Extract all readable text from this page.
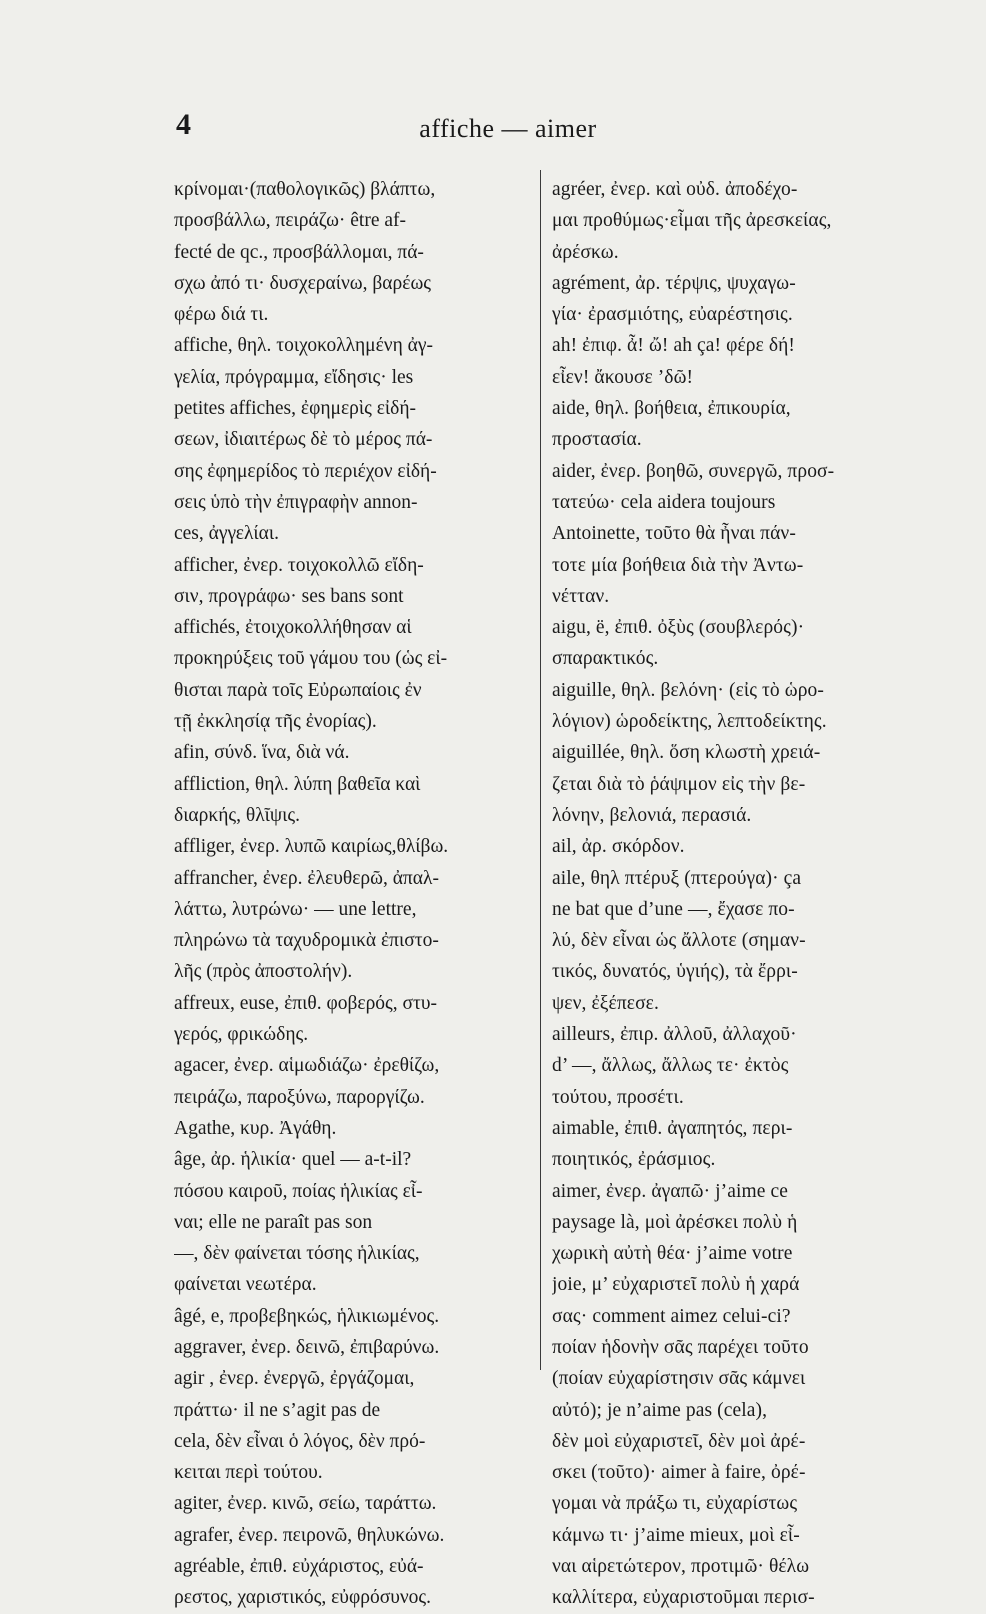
4	affiche — aimer
κρίνομαι·(παθολογικῶς) βλάπτω,
προσβάλλω, πειράζω· être af-
fecté de qc., προσβάλλομαι, πά-
σχω ἀπό τι· δυσχεραίνω, βαρέως
φέρω διά τι.
affiche, θηλ. τοιχοκολλημένη ἀγ-
γελία, πρόγραμμα, εἴδησις· les
petites affiches, ἐφημερὶς εἰδή-
σεων, ἰδιαιτέρως δὲ τὸ μέρος πά-
σης ἐφημερίδος τὸ περιέχον εἰδή-
σεις ὑπὸ τὴν ἐπιγραφὴν annon-
ces, ἀγγελίαι.
afficher, ἐνερ. τοιχοκολλῶ εἴδη-
σιν, προγράφω· ses bans sont
affichés, ἐτοιχοκολλήθησαν αἱ
προκηρύξεις τοῦ γάμου του (ὡς εἰ-
θισται παρὰ τοῖς Εὐρωπαίοις ἐν
τῇ ἐκκλησίᾳ τῆς ἐνορίας).
afin, σύνδ. ἵνα, διὰ νά.
affliction, θηλ. λύπη βαθεῖα καὶ
διαρκής, θλῖψις.
affliger, ἐνερ. λυπῶ καιρίως,θλίβω.
affrancher, ἐνερ. ἐλευθερῶ, ἀπαλ-
λάττω, λυτρώνω· — une lettre,
πληρώνω τὰ ταχυδρομικὰ ἐπιστο-
λῆς (πρὸς ἀποστολήν).
affreux, euse, ἐπιθ. φοβερός, στυ-
γερός, φρικώδης.
agacer, ἐνερ. αἱμωδιάζω· ἐρεθίζω,
πειράζω, παροξύνω, παροργίζω.
Agathe, κυρ. Ἀγάθη.
âge, ἀρ. ἡλικία· quel — a-t-il?
πόσου καιροῦ, ποίας ἡλικίας εἶ-
ναι; elle ne paraît pas son
—, δὲν φαίνεται τόσης ἡλικίας,
φαίνεται νεωτέρα.
âgé, e, προβεβηκώς, ἡλικιωμένος.
aggraver, ἐνερ. δεινῶ, ἐπιβαρύνω.
agir , ἐνερ. ἐνεργῶ, ἐργάζομαι,
πράττω· il ne s’agit pas de
cela, δὲν εἶναι ὁ λόγος, δὲν πρό-
κειται περὶ τούτου.
agiter, ἐνερ. κινῶ, σείω, ταράττω.
agrafer, ἐνερ. πειρονῶ, θηλυκώνω.
agréable, ἐπιθ. εὐχάριστος, εὐά-
ρεστος, χαριστικός, εὐφρόσυνος.
agréer, ἐνερ. καὶ οὐδ. ἀποδέχο-
μαι προθύμως·εἶμαι τῆς ἀρεσκείας,
ἀρέσκω.
agrément, ἀρ. τέρψις, ψυχαγω-
γία· ἐρασμιότης, εὐαρέστησις.
ah! ἐπιφ. ἆ! ὤ! ah ça! φέρε δή!
εἶεν! ἄκουσε ’δῶ!
aide, θηλ. βοήθεια, ἐπικουρία,
προστασία.
aider, ἐνερ. βοηθῶ, συνεργῶ, προσ-
τατεύω· cela aidera toujours
Antoinette, τοῦτο θὰ ἦναι πάν-
τοτε μία βοήθεια διὰ τὴν Ἀντω-
νέτταν.
aigu, ë, ἐπιθ. ὀξὺς (σουβλερός)·
σπαρακτικός.
aiguille, θηλ. βελόνη· (εἰς τὸ ὡρο-
λόγιον) ὡροδείκτης, λεπτοδείκτης.
aiguillée, θηλ. ὅση κλωστὴ χρειά-
ζεται διὰ τὸ ῥάψιμον εἰς τὴν βε-
λόνην, βελονιά, περασιά.
ail, ἀρ. σκόρδον.
aile, θηλ πτέρυξ (πτερούγα)· ça
ne bat que d’une —, ἔχασε πο-
λύ, δὲν εἶναι ὡς ἄλλοτε (σημαν-
τικός, δυνατός, ὑγιής), τὰ ἔρρι-
ψεν, ἐξέπεσε.
ailleurs, ἐπιρ. ἀλλοῦ, ἀλλαχοῦ·
d’ —, ἄλλως, ἄλλως τε· ἐκτὸς
τούτου, προσέτι.
aimable, ἐπιθ. ἀγαπητός, περι-
ποιητικός, ἐράσμιος.
aimer, ἐνερ. ἀγαπῶ· j’aime ce
paysage là, μοὶ ἀρέσκει πολὺ ἡ
χωρικὴ αὐτὴ θέα· j’aime votre
joie, μ’ εὐχαριστεῖ πολὺ ἡ χαρά
σας· comment aimez celui-ci?
ποίαν ἡδονὴν σᾶς παρέχει τοῦτο
(ποίαν εὐχαρίστησιν σᾶς κάμνει
αὐτό); je n’aime pas (cela),
δὲν μοὶ εὐχαριστεῖ, δὲν μοὶ ἀρέ-
σκει (τοῦτο)· aimer à faire, ὀρέ-
γομαι νὰ πράξω τι, εὐχαρίστως
κάμνω τι· j’aime mieux, μοὶ εἶ-
ναι αἱρετώτερον, προτιμῶ· θέλω
καλλίτερα, εὐχαριστοῦμαι περισ-
